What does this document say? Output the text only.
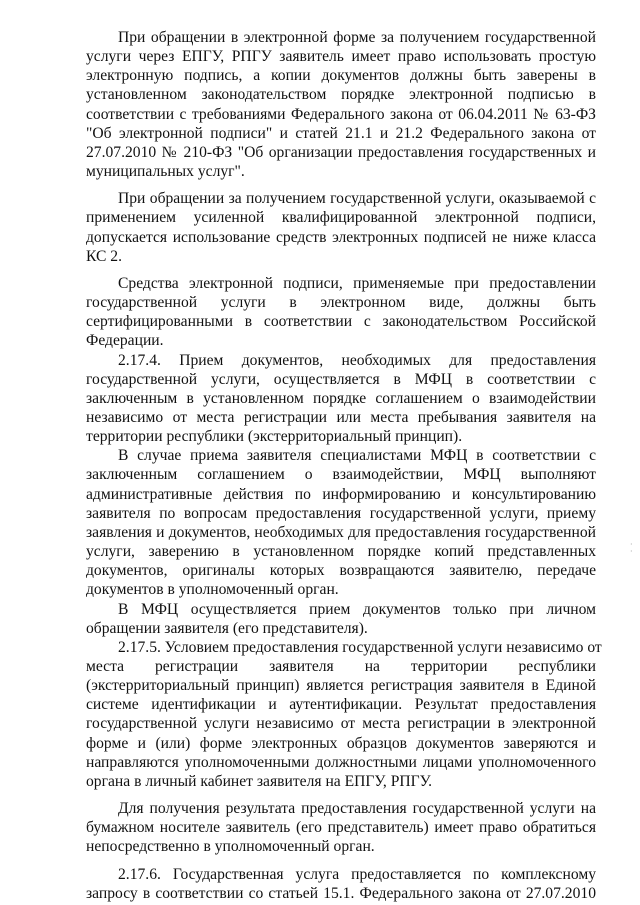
При обращении в электронной форме за получением государственной
услуги через ЕПГУ, РПГУ заявитель имеет право использовать простую
электронную подпись, а копии документов должны быть заверены в
установленном законодательством порядке электронной подписью в
соответствии с требованиями Федерального закона от 06.04.2011 № 63-ФЗ
"Об электронной подписи" и статей 21.1 и 21.2 Федерального закона от
27.07.2010 № 210-ФЗ "Об организации предоставления государственных и
муниципальных услуг".

При обращении за получением государственной услуги, оказываемой с
применением усиленной квалифицированной электронной подписи,
допускается использование средств электронных подписей не ниже класса
КС 2.

Средства электронной подписи, применяемые при предоставлении
государственной услуги в электронном виде, должны быть
сертифицированными в соответствии с законодательством Российской
Федерации.

2.17.4. Прием документов, необходимых для предоставления
государственной услуги, осуществляется в МФЦ в соответствии с
заключенным в установленном порядке соглашением о взаимодействии
независимо от места регистрации или места пребывания заявителя на
территории республики (экстерриториальный принцип).

В случае приема заявителя специалистами МФЦ в соответствии с
заключенным соглашением о взаимодействии, МФЦ выполняют
административные действия по информированию и консультированию
заявителя по вопросам предоставления государственной услуги, приему
заявления и документов, необходимых для предоставления государственной
услуги, заверению в установленном порядке копий представленных
документов, оригиналы которых возвращаются заявителю, передаче
документов в уполномоченный орган.

В МФЦ осуществляется прием документов только при личном
обращении заявителя (его представителя).

2.17.5. Условием предоставления государственной услуги независимо от
места регистрации заявителя на территории республики
(экстерриториальный принцип) является регистрация заявителя в Единой
системе идентификации и аутентификации. Результат предоставления
государственной услуги независимо от места регистрации в электронной
форме и (или) форме электронных образцов документов заверяются и
направляются уполномоченными должностными лицами уполномоченного
органа в личный кабинет заявителя на ЕПГУ, РПГУ.

Для получения результата предоставления государственной услуги на
бумажном носителе заявитель (его представитель) имеет право обратиться
непосредственно в уполномоченный орган.

2.17.6. Государственная услуга предоставляется по комплексному
запросу в соответствии со статьей 15.1. Федерального закона от 27.07.2010

·
·
